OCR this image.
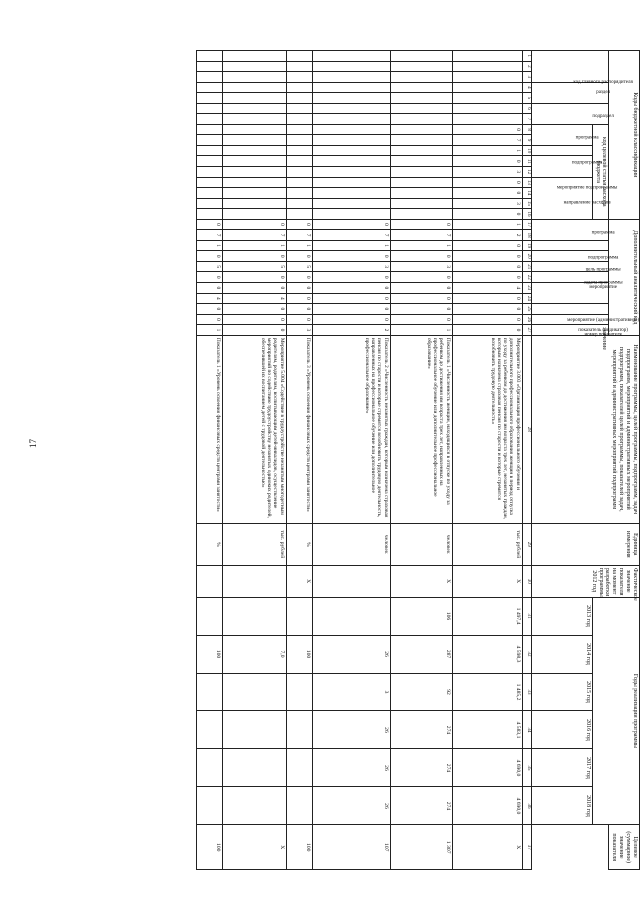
17
Коды бюджетной классификации																Дополнительный аналитический код											Наименование программы, целей программы, подпрограмм, задач подпрограмм, мероприятий и административных мероприятий подпрограмм, показателей целей программы, показателей задач, мероприятий и административных мероприятий подпрограмм	Единица измерения	Фактическое значение показателя на момент разработки программы, 2012 год	Годы реализации программы						Целевое (суммарное) значение показателя
код главного распорядителя			раздел		подраздел		код целевой статьи расхода бюджета									программа		подпрограмма	цель программы	задача программы	мероприятие	мероприятие (административное)		показатель (индикатор)	номер показателя	значение										
							программа		подпрограмма	мероприятие подпрограммы		направление расходов																		2013 год	2014 год	2015 год	2016 год	2017 год	2018 год	
1	2	3	4	5	6	7	8	9	10	11	12	13	14	15	16	17	18	19	20	21	22	23	24	25	26	27	28	29	30	31	32	33	34	35	36	37
							0	7	1	0	3	0	0	3	0	1	2	0	0	0	0	4	0	0	0	0	Мероприятие 3.003 «Организация профессионального обучения и дополнительного профессионального образования женщин в период отпуска по уходу за ребенком до достижения им возраста трех лет, незанятых граждан, которым назначена страховая пенсия по старости и которые стремятся возобновить трудовую деятельность»	тыс. рублей	X	1 497,4	4 598,3	1 485,2	4 583,1	4 690,0	4 690,0	X
																0	7	1	0	3	0	0	0	0	0	1	Показатель 1 «Численность женщин, находящихся в отпуске по уходу за ребенком до достижения им возраста трех лет, направленных на профессиональное обучение или дополнительное профессиональное образование»	человек	X	106	287	92	274	274	274	1 307
																0	7	1	0	3	0	0	0	0	0	2	Показатель 2 «Численность незанятых граждан, которым назначена страховая пенсия по старости и которые стремятся возобновить трудовую деятельность, направленных на профессиональное обучение или дополнительное профессиональное образование»	человек			26	3	26	26	26	107
																0	7	1	0	5	0	0	0	0	0	3	Показатель 3 «Уровень освоения финансовых средств центрами занятости»	%	X		100					100
																0	7	1	0	5	0	0	4	0	0	0	Мероприятие 5.004 «Содействие в трудоустройстве незанятым многодетным родителям, родителям, воспитывающим детей-инвалидов, осуществление мероприятий по содействию трудоустройству незанятых одиноких родителей, обеспечившей их воспитанием детей с трудовой деятельностью»	тыс. рублей			7,0					X
																0	7	1	0	5	0	0	4	0	0	1	Показатель 1 «Уровень освоения финансовых средств центрами занятости»	%			100					100
